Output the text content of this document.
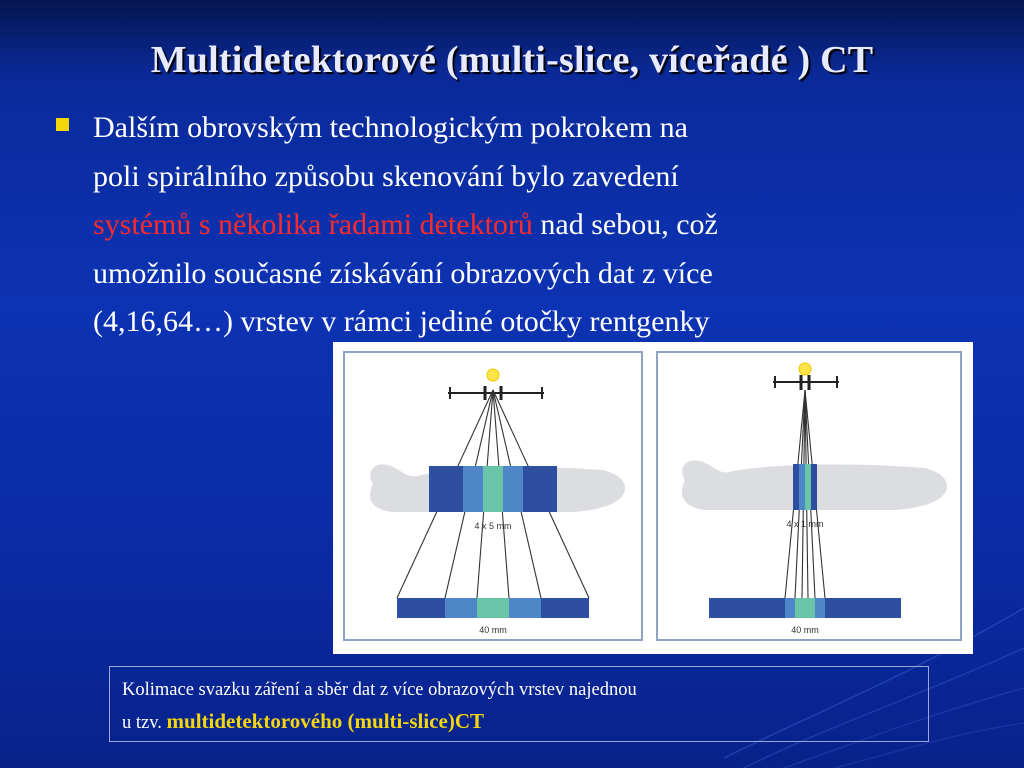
Multidetektorové (multi-slice, víceřadé ) CT
Dalším obrovským technologickým pokrokem na
poli spirálního způsobu skenování bylo zavedení
systémů s několika řadami detektorů nad sebou, což
umožnilo současné získávání obrazových dat z více
(4,16,64…) vrstev v rámci jediné otočky rentgenky
4 x 5 mm
40 mm
4 x 1 mm
40 mm
Kolimace svazku záření a sběr dat z více obrazových vrstev najednou
u tzv. multidetektorového (multi-slice)CT
